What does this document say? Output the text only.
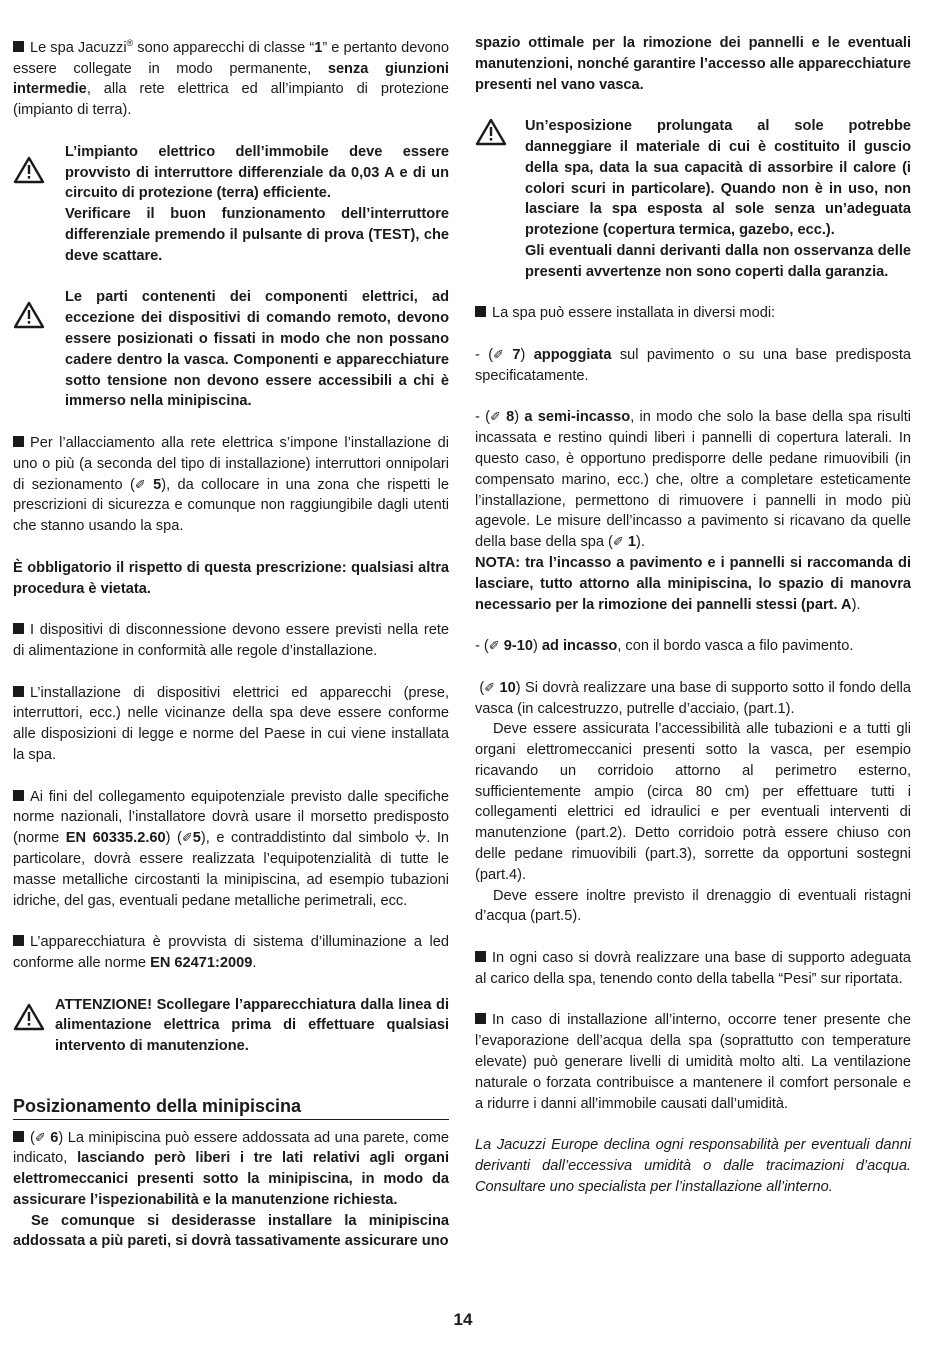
Le spa Jacuzzi® sono apparecchi di classe “1” e pertanto devono essere collegate in modo permanente, senza giunzioni intermedie, alla rete elettrica ed all’impianto di protezione (impianto di terra).

L’impianto elettrico dell’immobile deve essere provvisto di interruttore differenziale da 0,03 A e di un circuito di protezione (terra) efficiente.

Verificare il buon funzionamento dell’interruttore differenziale premendo il pulsante di prova (TEST), che deve scattare.

Le parti contenenti dei componenti elettrici, ad eccezione dei dispositivi di comando remoto, devono essere posizionati o fissati in modo che non possano cadere dentro la vasca. Componenti e apparecchiature sotto tensione non devono essere accessibili a chi è immerso nella minipiscina.

Per l’allacciamento alla rete elettrica s’impone l’installazione di uno o più (a seconda del tipo di installazione) interruttori onnipolari di sezionamento (✐ 5), da collocare in una zona che rispetti le prescrizioni di sicurezza e comunque non raggiungibile dagli utenti che stanno usando la spa.

È obbligatorio il rispetto di questa prescrizione: qualsiasi altra procedura è vietata.

I dispositivi di disconnessione devono essere previsti nella rete di alimentazione in conformità alle regole d’installazione.

L’installazione di dispositivi elettrici ed apparecchi (prese, interruttori, ecc.) nelle vicinanze della spa deve essere conforme alle disposizioni di legge e norme del Paese in cui viene installata la spa.

Ai fini del collegamento equipotenziale previsto dalle specifiche norme nazionali, l’installatore dovrà usare il morsetto predisposto (norme EN 60335.2.60) (✐5), e contraddistinto dal simbolo . In particolare, dovrà essere realizzata l’equipotenzialità di tutte le masse metalliche circostanti la minipiscina, ad esempio tubazioni idriche, del gas, eventuali pedane metalliche perimetrali, ecc.

L’apparecchiatura è provvista di sistema d’illuminazione a led conforme alle norme EN 62471:2009.

ATTENZIONE! Scollegare l’apparecchiatura dalla linea di alimentazione elettrica prima di effettuare qualsiasi intervento di manutenzione.

Posizionamento della minipiscina

(✐ 6) La minipiscina può essere addossata ad una parete, come indicato, lasciando però liberi i tre lati relativi agli organi elettromeccanici presenti sotto la minipiscina, in modo da assicurare l’ispezionabilità e la manutenzione richiesta.

Se comunque si desiderasse installare la minipiscina addossata a più pareti, si dovrà tassativamente assicurare uno

spazio ottimale per la rimozione dei pannelli e le eventuali manutenzioni, nonché garantire l’accesso alle apparecchiature presenti nel vano vasca.

Un’esposizione prolungata al sole potrebbe danneggiare il materiale di cui è costituito il guscio della spa, data la sua capacità di assorbire il calore (i colori scuri in particolare). Quando non è in uso, non lasciare la spa esposta al sole senza un’adeguata protezione (copertura termica, gazebo, ecc.).

Gli eventuali danni derivanti dalla non osservanza delle presenti avvertenze non sono coperti dalla garanzia.

La spa può essere installata in diversi modi:

- (✐ 7) appoggiata sul pavimento o su una base predisposta specificatamente.

- (✐ 8) a semi-incasso, in modo che solo la base della spa risulti incassata e restino quindi liberi i pannelli di copertura laterali. In questo caso, è opportuno predisporre delle pedane rimuovibili (in compensato marino, ecc.) che, oltre a completare esteticamente l’installazione, permettono di rimuovere i pannelli in modo più agevole. Le misure dell’incasso a pavimento si ricavano da quelle della base della spa (✐ 1).
NOTA: tra l’incasso a pavimento e i pannelli si raccomanda di lasciare, tutto attorno alla minipiscina, lo spazio di manovra necessario per la rimozione dei pannelli stessi (part. A).

- (✐ 9-10) ad incasso, con il bordo vasca a filo pavimento.

(✐ 10) Si dovrà realizzare una base di supporto sotto il fondo della vasca (in calcestruzzo, putrelle d’acciaio, (part.1).

Deve essere assicurata l’accessibilità alle tubazioni e a tutti gli organi elettromeccanici presenti sotto la vasca, per esempio ricavando un corridoio attorno al perimetro esterno, sufficientemente ampio (circa 80 cm) per effettuare tutti i collegamenti elettrici ed idraulici e per eventuali interventi di manutenzione (part.2). Detto corridoio potrà essere chiuso con delle pedane rimuovibili (part.3), sorrette da opportuni sostegni (part.4).

Deve essere inoltre previsto il drenaggio di eventuali ristagni d’acqua (part.5).

In ogni caso si dovrà realizzare una base di supporto adeguata al carico della spa, tenendo conto della tabella “Pesi” sur riportata.

In caso di installazione all’interno, occorre tener presente che l’evaporazione dell’acqua della spa (soprattutto con temperature elevate) può generare livelli di umidità molto alti. La ventilazione naturale o forzata contribuisce a mantenere il comfort personale e a ridurre i danni all’immobile causati dall’umidità.

La Jacuzzi Europe declina ogni responsabilità per eventuali danni derivanti dall’eccessiva umidità o dalle tracimazioni d’acqua. Consultare uno specialista per l’installazione all’interno.

14
